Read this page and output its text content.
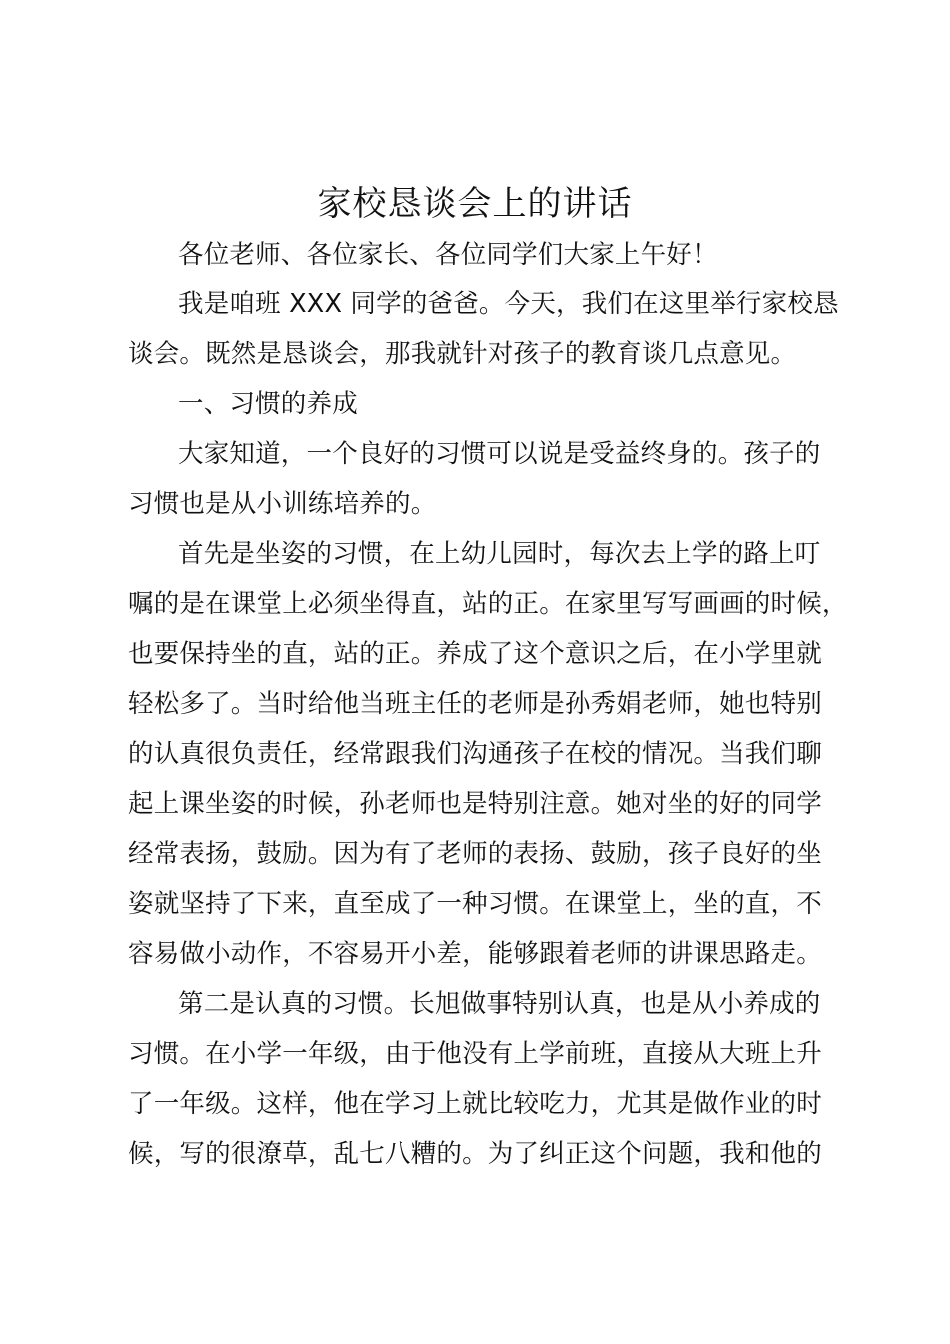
家校恳谈会上的讲话
各位老师、各位家长、各位同学们大家上午好！
我是咱班 XXX 同学的爸爸。今天，我们在这里举行家校恳
谈会。既然是恳谈会，那我就针对孩子的教育谈几点意见。
一、习惯的养成
大家知道，一个良好的习惯可以说是受益终身的。孩子的
习惯也是从小训练培养的。
首先是坐姿的习惯，在上幼儿园时，每次去上学的路上叮
嘱的是在课堂上必须坐得直，站的正。在家里写写画画的时候，
也要保持坐的直，站的正。养成了这个意识之后，在小学里就
轻松多了。当时给他当班主任的老师是孙秀娟老师，她也特别
的认真很负责任，经常跟我们沟通孩子在校的情况。当我们聊
起上课坐姿的时候，孙老师也是特别注意。她对坐的好的同学
经常表扬，鼓励。因为有了老师的表扬、鼓励，孩子良好的坐
姿就坚持了下来，直至成了一种习惯。在课堂上，坐的直，不
容易做小动作，不容易开小差，能够跟着老师的讲课思路走。
第二是认真的习惯。长旭做事特别认真，也是从小养成的
习惯。在小学一年级，由于他没有上学前班，直接从大班上升
了一年级。这样，他在学习上就比较吃力，尤其是做作业的时
候，写的很潦草，乱七八糟的。为了纠正这个问题，我和他的
